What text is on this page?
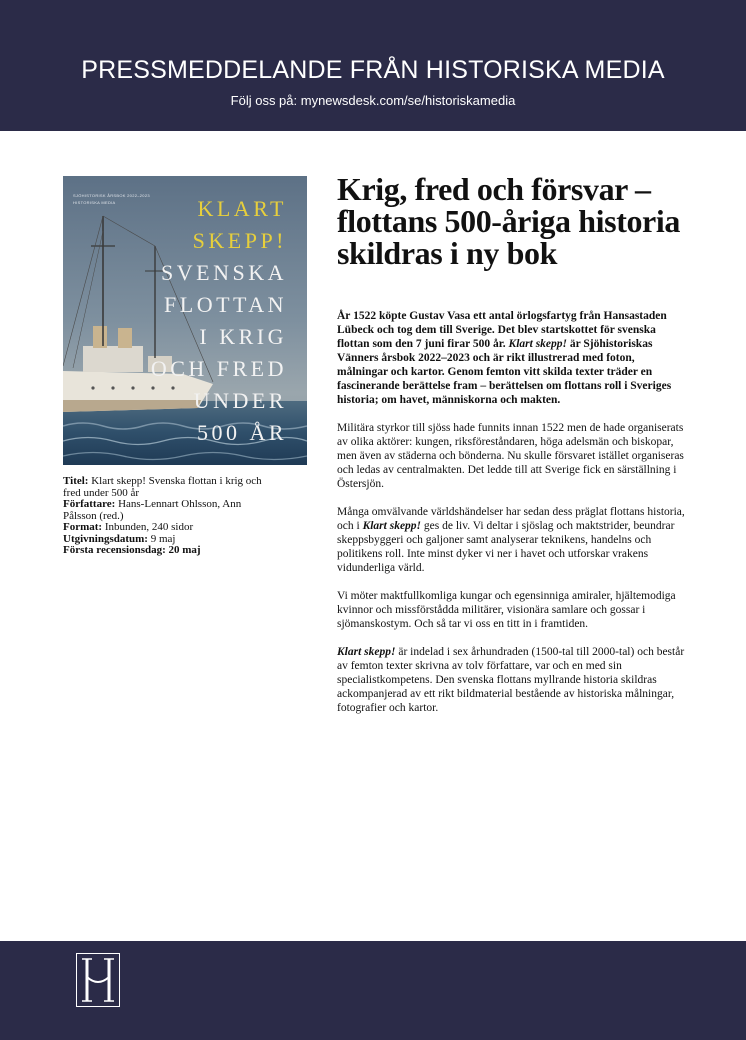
PRESSMEDDELANDE FRÅN HISTORISKA MEDIA
Följ oss på: mynewsdesk.com/se/historiskamedia
SJÖHISTORISK ÅRSBOK 2022–2023
HISTORISKA MEDIA	KLART
SKEPP!
SVENSKA
FLOTTAN
I KRIG
OCH FRED
UNDER
500 ÅR
Titel: Klart skepp! Svenska flottan i krig och fred under 500 år
Författare: Hans-Lennart Ohlsson, Ann Pålsson (red.)
Format: Inbunden, 240 sidor
Utgivningsdatum: 9 maj
Första recensionsdag: 20 maj
Krig, fred och försvar – flottans 500-åriga historia skildras i ny bok

År 1522 köpte Gustav Vasa ett antal örlogsfartyg från Hansastaden Lübeck och tog dem till Sverige. Det blev startskottet för svenska flottan som den 7 juni firar 500 år. Klart skepp! är Sjöhistoriskas Vänners årsbok 2022–2023 och är rikt illustrerad med foton, målningar och kartor. Genom femton vitt skilda texter träder en fascinerande berättelse fram – berättelsen om flottans roll i Sveriges historia; om havet, människorna och makten.

Militära styrkor till sjöss hade funnits innan 1522 men de hade organiserats av olika aktörer: kungen, riksföreståndaren, höga adelsmän och biskopar, men även av städerna och bönderna. Nu skulle försvaret istället organiseras och ledas av centralmakten. Det ledde till att Sverige fick en särställning i Östersjön.

Många omvälvande världshändelser har sedan dess präglat flottans historia, och i Klart skepp! ges de liv. Vi deltar i sjöslag och maktstrider, beundrar skeppsbyggeri och galjoner samt analyserar teknikens, handelns och politikens roll. Inte minst dyker vi ner i havet och utforskar vrakens vidunderliga värld.

Vi möter maktfullkomliga kungar och egensinniga amiraler, hjältemodiga kvinnor och missförstådda militärer, visionära samlare och gossar i sjömanskostym. Och så tar vi oss en titt in i framtiden.

Klart skepp! är indelad i sex århundraden (1500-tal till 2000-tal) och består av femton texter skrivna av tolv författare, var och en med sin specialistkompetens. Den svenska flottans myllrande historia skildras ackompanjerad av ett rikt bildmaterial bestående av historiska målningar, fotografier och kartor.
